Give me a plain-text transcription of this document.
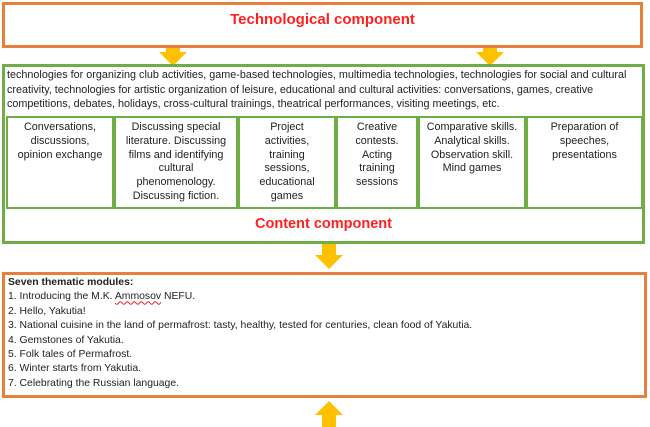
Technological component
technologies for organizing club activities, game-based technologies, multimedia technologies, technologies for social and cultural creativity, technologies for artistic organization of leisure, educational and cultural activities: conversations, games, creative competitions, debates, holidays, cross-cultural trainings, theatrical performances, visiting meetings, etc.
Conversations,
discussions,
opinion exchange
Discussing special
literature. Discussing
films and identifying
cultural
phenomenology.
Discussing fiction.
Project
activities,
training
sessions,
educational
games
Creative
contests.
Acting
training
sessions
Comparative skills.
Analytical skills.
Observation skill.
Mind games
Preparation of
speeches,
presentations
Content component
Seven thematic modules:
1. Introducing the M.K. Ammosov NEFU.
2. Hello, Yakutia!
3. National cuisine in the land of permafrost: tasty, healthy, tested for centuries, clean food of Yakutia.
4. Gemstones of Yakutia.
5. Folk tales of Permafrost.
6. Winter starts from Yakutia.
7. Celebrating the Russian language.
